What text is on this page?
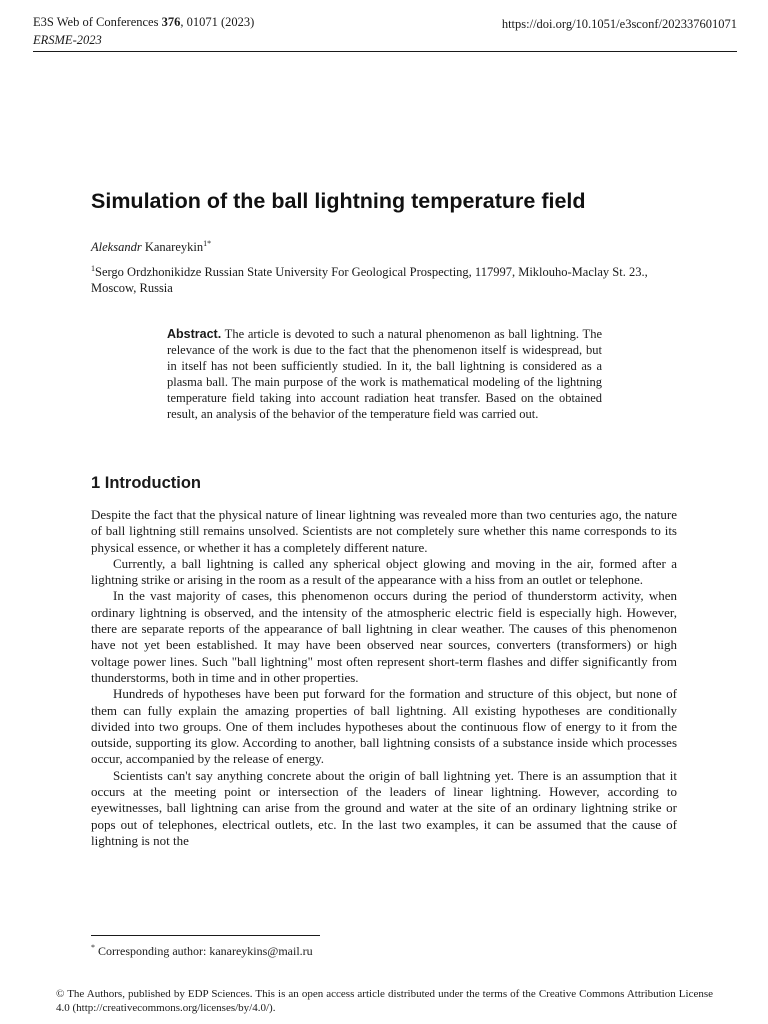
E3S Web of Conferences 376, 01071 (2023)
ERSME-2023
https://doi.org/10.1051/e3sconf/202337601071
Simulation of the ball lightning temperature field
Aleksandr Kanareykin$^{1*}$
$^1$Sergo Ordzhonikidze Russian State University For Geological Prospecting, 117997, Miklouho-Maclay St. 23., Moscow, Russia
Abstract. The article is devoted to such a natural phenomenon as ball lightning. The relevance of the work is due to the fact that the phenomenon itself is widespread, but in itself has not been sufficiently studied. In it, the ball lightning is considered as a plasma ball. The main purpose of the work is mathematical modeling of the lightning temperature field taking into account radiation heat transfer. Based on the obtained result, an analysis of the behavior of the temperature field was carried out.
1 Introduction

Despite the fact that the physical nature of linear lightning was revealed more than two centuries ago, the nature of ball lightning still remains unsolved. Scientists are not completely sure whether this name corresponds to its physical essence, or whether it has a completely different nature.

Currently, a ball lightning is called any spherical object glowing and moving in the air, formed after a lightning strike or arising in the room as a result of the appearance with a hiss from an outlet or telephone.

In the vast majority of cases, this phenomenon occurs during the period of thunderstorm activity, when ordinary lightning is observed, and the intensity of the atmospheric electric field is especially high. However, there are separate reports of the appearance of ball lightning in clear weather. The causes of this phenomenon have not yet been established. It may have been observed near sources, converters (transformers) or high voltage power lines. Such "ball lightning" most often represent short-term flashes and differ significantly from thunderstorms, both in time and in other properties.

Hundreds of hypotheses have been put forward for the formation and structure of this object, but none of them can fully explain the amazing properties of ball lightning. All existing hypotheses are conditionally divided into two groups. One of them includes hypotheses about the continuous flow of energy to it from the outside, supporting its glow. According to another, ball lightning consists of a substance inside which processes occur, accompanied by the release of energy.

Scientists can't say anything concrete about the origin of ball lightning yet. There is an assumption that it occurs at the meeting point or intersection of the leaders of linear lightning. However, according to eyewitnesses, ball lightning can arise from the ground and water at the site of an ordinary lightning strike or pops out of telephones, electrical outlets, etc. In the last two examples, it can be assumed that the cause of lightning is not the

* Corresponding author: kanareykins@mail.ru
© The Authors, published by EDP Sciences. This is an open access article distributed under the terms of the Creative Commons Attribution License 4.0 (http://creativecommons.org/licenses/by/4.0/).
